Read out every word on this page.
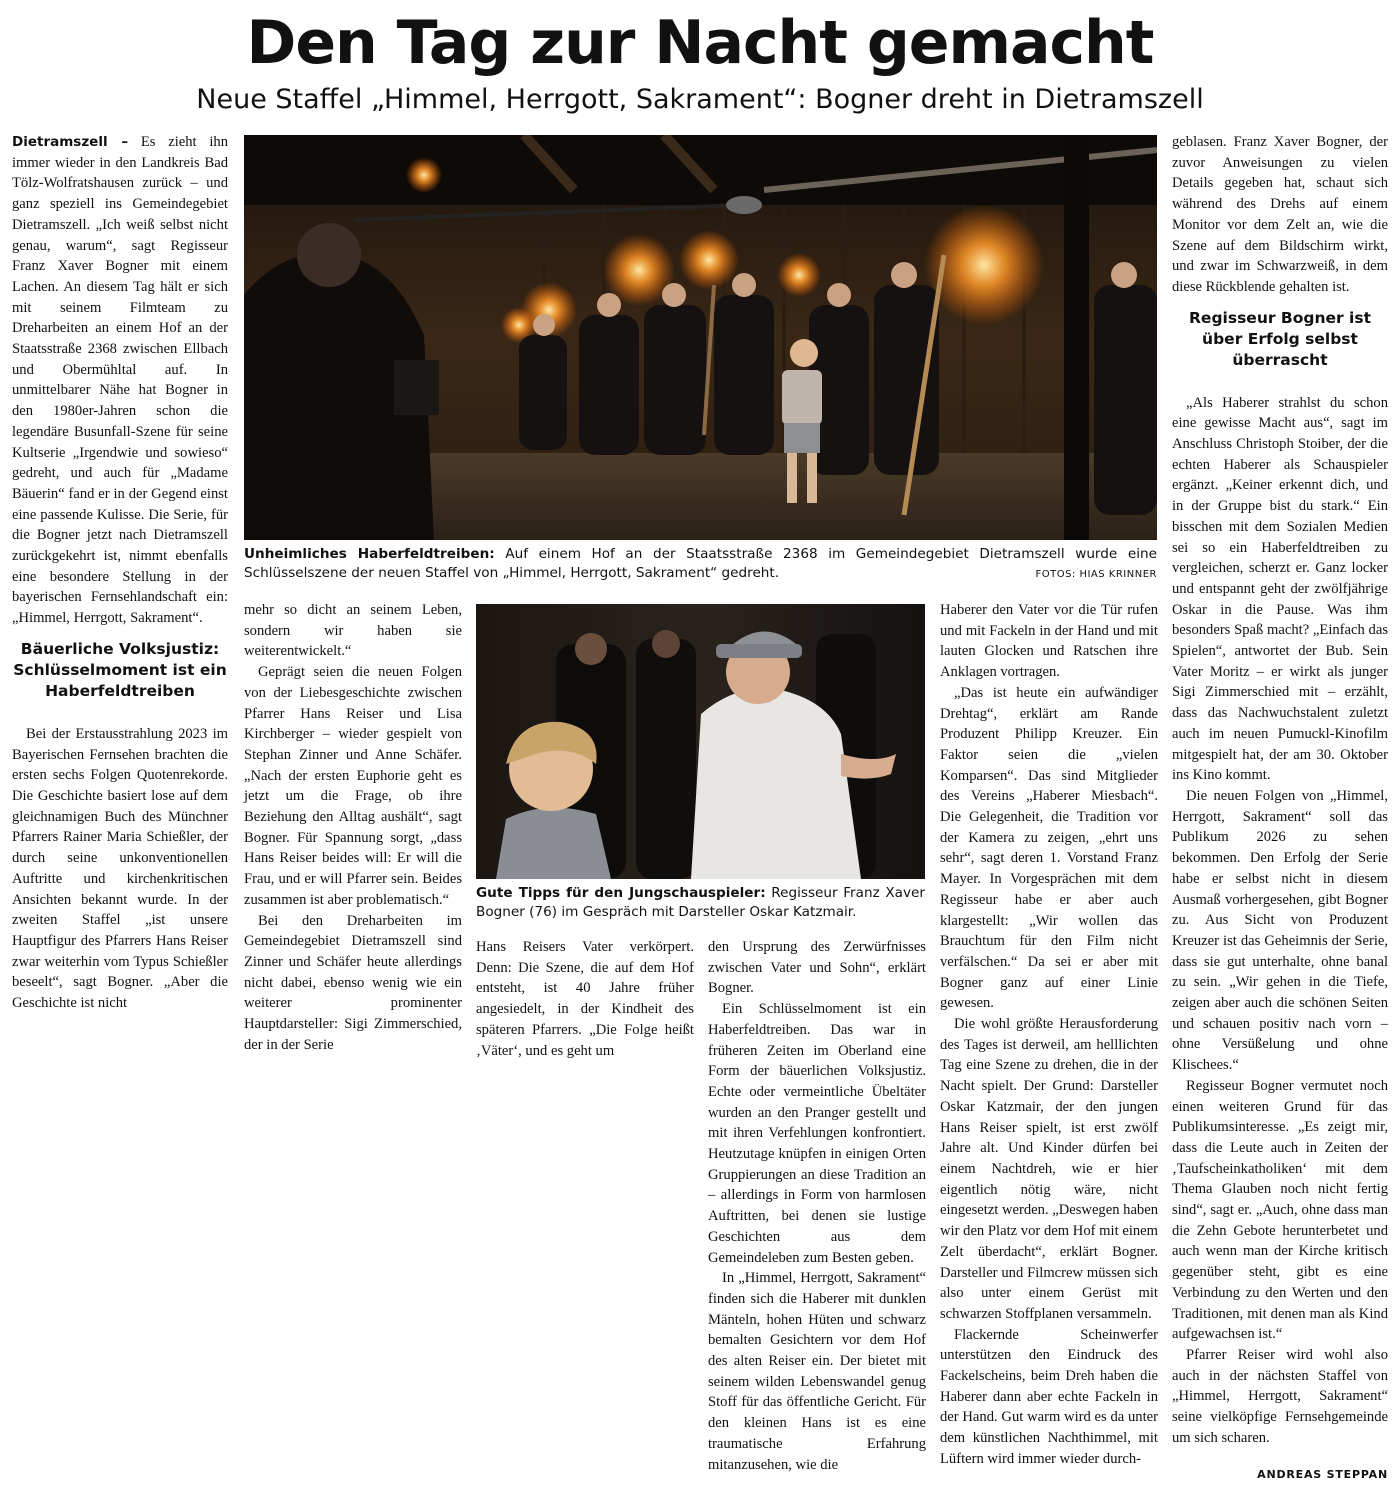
Den Tag zur Nacht gemacht
Neue Staffel „Himmel, Herrgott, Sakrament“: Bogner dreht in Dietramszell

Dietramszell – Es zieht ihn immer wieder in den Landkreis Bad Tölz-Wolfratshausen zurück – und ganz speziell ins Gemeindegebiet Dietramszell. „Ich weiß selbst nicht genau, warum“, sagt Regisseur Franz Xaver Bogner mit einem Lachen. An diesem Tag hält er sich mit seinem Filmteam zu Dreharbeiten an einem Hof an der Staatsstraße 2368 zwischen Ellbach und Obermühltal auf. In unmittelbarer Nähe hat Bogner in den 1980er-Jahren schon die legendäre Busunfall-Szene für seine Kultserie „Irgendwie und sowieso“ gedreht, und auch für „Madame Bäuerin“ fand er in der Gegend einst eine passende Kulisse. Die Serie, für die Bogner jetzt nach Dietramszell zurückgekehrt ist, nimmt ebenfalls eine besondere Stellung in der bayerischen Fernsehlandschaft ein: „Himmel, Herrgott, Sakrament“.

Bäuerliche Volksjustiz: Schlüsselmoment ist ein Haberfeldtreiben

Bei der Erstausstrahlung 2023 im Bayerischen Fernsehen brachten die ersten sechs Folgen Quotenrekorde. Die Geschichte basiert lose auf dem gleichnamigen Buch des Münchner Pfarrers Rainer Maria Schießler, der durch seine unkonventionellen Auftritte und kirchenkritischen Ansichten bekannt wurde. In der zweiten Staffel „ist unsere Hauptfigur des Pfarrers Hans Reiser zwar weiterhin vom Typus Schießler beseelt“, sagt Bogner. „Aber die Geschichte ist nicht

Unheimliches Haberfeldtreiben: Auf einem Hof an der Staatsstraße 2368 im Gemeindegebiet Dietramszell wurde eine Schlüsselszene der neuen Staffel von „Himmel, Herrgott, Sakrament“ gedreht.	FOTOS: HIAS KRINNER

mehr so dicht an seinem Leben, sondern wir haben sie weiterentwickelt.“

Geprägt seien die neuen Folgen von der Liebesgeschichte zwischen Pfarrer Hans Reiser und Lisa Kirchberger – wieder gespielt von Stephan Zinner und Anne Schäfer. „Nach der ersten Euphorie geht es jetzt um die Frage, ob ihre Beziehung den Alltag aushält“, sagt Bogner. Für Spannung sorgt, „dass Hans Reiser beides will: Er will die Frau, und er will Pfarrer sein. Beides zusammen ist aber problematisch.“

Bei den Dreharbeiten im Gemeindegebiet Dietramszell sind Zinner und Schäfer heute allerdings nicht dabei, ebenso wenig wie ein weiterer prominenter Hauptdarsteller: Sigi Zimmerschied, der in der Serie

Gute Tipps für den Jungschauspieler: Regisseur Franz Xaver Bogner (76) im Gespräch mit Darsteller Oskar Katzmair.

Hans Reisers Vater verkörpert. Denn: Die Szene, die auf dem Hof entsteht, ist 40 Jahre früher angesiedelt, in der Kindheit des späteren Pfarrers. „Die Folge heißt ‚Väter‘, und es geht um

den Ursprung des Zerwürfnisses zwischen Vater und Sohn“, erklärt Bogner.

Ein Schlüsselmoment ist ein Haberfeldtreiben. Das war in früheren Zeiten im Oberland eine Form der bäuerlichen Volksjustiz. Echte oder vermeintliche Übeltäter wurden an den Pranger gestellt und mit ihren Verfehlungen konfrontiert. Heutzutage knüpfen in einigen Orten Gruppierungen an diese Tradition an – allerdings in Form von harmlosen Auftritten, bei denen sie lustige Geschichten aus dem Gemeindeleben zum Besten geben.

In „Himmel, Herrgott, Sakrament“ finden sich die Haberer mit dunklen Mänteln, hohen Hüten und schwarz bemalten Gesichtern vor dem Hof des alten Reiser ein. Der bietet mit seinem wilden Lebenswandel genug Stoff für das öffentliche Gericht. Für den kleinen Hans ist es eine traumatische Erfahrung mitanzusehen, wie die

Haberer den Vater vor die Tür rufen und mit Fackeln in der Hand und mit lauten Glocken und Ratschen ihre Anklagen vortragen.

„Das ist heute ein aufwändiger Drehtag“, erklärt am Rande Produzent Philipp Kreuzer. Ein Faktor seien die „vielen Komparsen“. Das sind Mitglieder des Vereins „Haberer Miesbach“. Die Gelegenheit, die Tradition vor der Kamera zu zeigen, „ehrt uns sehr“, sagt deren 1. Vorstand Franz Mayer. In Vorgesprächen mit dem Regisseur habe er aber auch klargestellt: „Wir wollen das Brauchtum für den Film nicht verfälschen.“ Da sei er aber mit Bogner ganz auf einer Linie gewesen.

Die wohl größte Herausforderung des Tages ist derweil, am helllichten Tag eine Szene zu drehen, die in der Nacht spielt. Der Grund: Darsteller Oskar Katzmair, der den jungen Hans Reiser spielt, ist erst zwölf Jahre alt. Und Kinder dürfen bei einem Nachtdreh, wie er hier eigentlich nötig wäre, nicht eingesetzt werden. „Deswegen haben wir den Platz vor dem Hof mit einem Zelt überdacht“, erklärt Bogner. Darsteller und Filmcrew müssen sich also unter einem Gerüst mit schwarzen Stoffplanen versammeln.

Flackernde Scheinwerfer unterstützen den Eindruck des Fackelscheins, beim Dreh haben die Haberer dann aber echte Fackeln in der Hand. Gut warm wird es da unter dem künstlichen Nachthimmel, mit Lüftern wird immer wieder durch-

geblasen. Franz Xaver Bogner, der zuvor Anweisungen zu vielen Details gegeben hat, schaut sich während des Drehs auf einem Monitor vor dem Zelt an, wie die Szene auf dem Bildschirm wirkt, und zwar im Schwarzweiß, in dem diese Rückblende gehalten ist.

Regisseur Bogner ist über Erfolg selbst überrascht

„Als Haberer strahlst du schon eine gewisse Macht aus“, sagt im Anschluss Christoph Stoiber, der die echten Haberer als Schauspieler ergänzt. „Keiner erkennt dich, und in der Gruppe bist du stark.“ Ein bisschen mit dem Sozialen Medien sei so ein Haberfeldtreiben zu vergleichen, scherzt er. Ganz locker und entspannt geht der zwölfjährige Oskar in die Pause. Was ihm besonders Spaß macht? „Einfach das Spielen“, antwortet der Bub. Sein Vater Moritz – er wirkt als junger Sigi Zimmerschied mit – erzählt, dass das Nachwuchstalent zuletzt auch im neuen Pumuckl-Kinofilm mitgespielt hat, der am 30. Oktober ins Kino kommt.

Die neuen Folgen von „Himmel, Herrgott, Sakrament“ soll das Publikum 2026 zu sehen bekommen. Den Erfolg der Serie habe er selbst nicht in diesem Ausmaß vorhergesehen, gibt Bogner zu. Aus Sicht von Produzent Kreuzer ist das Geheimnis der Serie, dass sie gut unterhalte, ohne banal zu sein. „Wir gehen in die Tiefe, zeigen aber auch die schönen Seiten und schauen positiv nach vorn – ohne Versüßelung und ohne Klischees.“

Regisseur Bogner vermutet noch einen weiteren Grund für das Publikumsinteresse. „Es zeigt mir, dass die Leute auch in Zeiten der ‚Taufscheinkatholiken‘ mit dem Thema Glauben noch nicht fertig sind“, sagt er. „Auch, ohne dass man die Zehn Gebote herunterbetet und auch wenn man der Kirche kritisch gegenüber steht, gibt es eine Verbindung zu den Werten und den Traditionen, mit denen man als Kind aufgewachsen ist.“

Pfarrer Reiser wird wohl also auch in der nächsten Staffel von „Himmel, Herrgott, Sakrament“ seine vielköpfige Fernsehgemeinde um sich scharen.

ANDREAS STEPPAN
